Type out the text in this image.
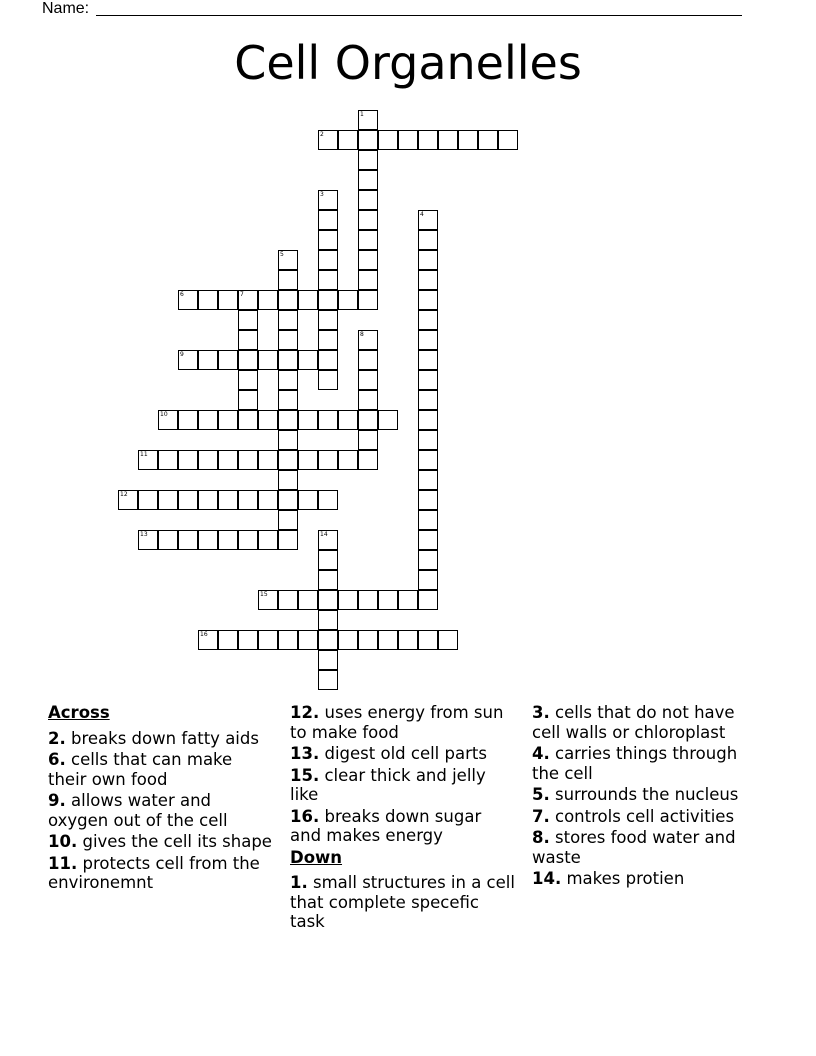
Name:
Cell Organelles
1
2
3
4
5
6	7
8
9
10
11
12
13	14
15
16
Across
2. breaks down fatty aids
6. cells that can make their own food
9. allows water and oxygen out of the cell
10. gives the cell its shape
11. protects cell from the environemnt
12. uses energy from sun to make food
13. digest old cell parts
15. clear thick and jelly like
16. breaks down sugar and makes energy
Down
1. small structures in a cell that complete specefic task
3. cells that do not have cell walls or chloroplast
4. carries things through the cell
5. surrounds the nucleus
7. controls cell activities
8. stores food water and waste
14. makes protien
